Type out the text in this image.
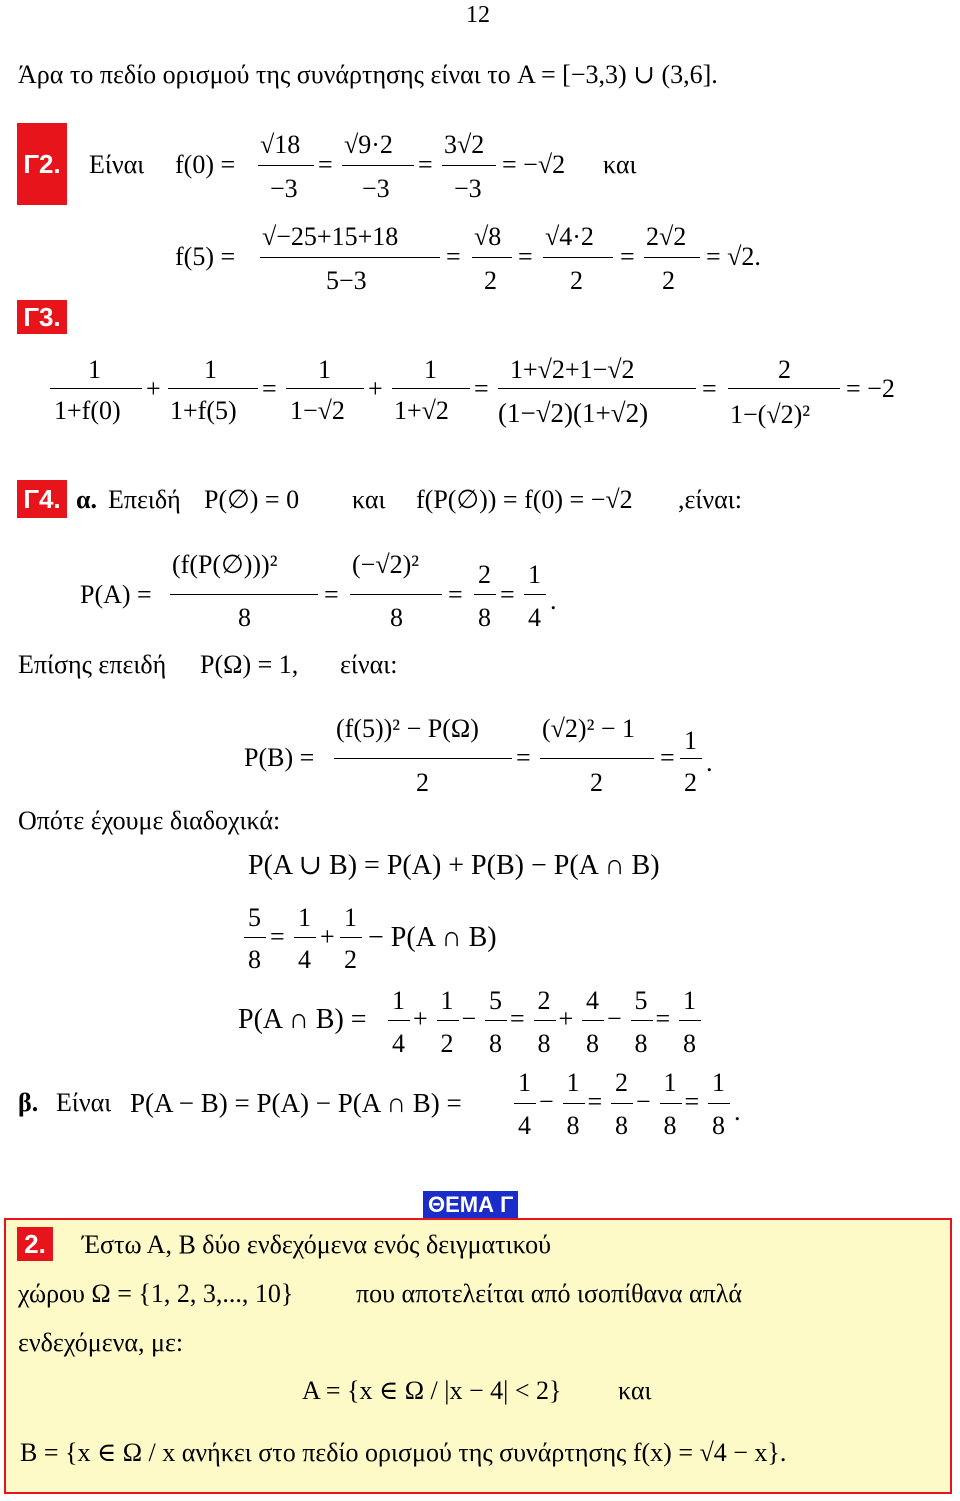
12
Άρα το πεδίο ορισμού της συνάρτησης είναι το A = [−3,3) ∪ (3,6].
Γ2. Είναι f(0) =
√18
−3
=
√9·2
−3
=
3√2
−3
= −√2 και
f(5) =
√−25+15+18
5−3
=
√8
2
=
√4·2
2
=
2√2
2
= √2.
Γ3.
1
1+f(0)
+
1
1+f(5)
=
1
1−√2
+
1
1+√2
=
1+√2+1−√2
(1−√2)(1+√2)
=
2
1−(√2)²
= −2
Γ4. α. Επειδή P(∅) = 0 και f(P(∅)) = f(0) = −√2 ,είναι:
P(A) =
(f(P(∅)))²
8
=
(−√2)²
8
=
2
8
=
1
4
.
Επίσης επειδή P(Ω) = 1, είναι:
P(B) =
(f(5))² − P(Ω)
2
=
(√2)² − 1
2
=
1
2
.
Οπότε έχουμε διαδοχικά:
P(A ∪ B) = P(A) + P(B) − P(A ∩ B)
5
8
=
1
4
+
1
2
− P(A ∩ B)
P(A ∩ B) =
β. Είναι P(A − B) = P(A) − P(A ∩ B) =
ΘΕΜΑ Γ
2. Έστω Α, Β δύο ενδεχόμενα ενός δειγματικού
χώρου Ω = {1, 2, 3,..., 10} που αποτελείται από ισοπίθανα απλά
ενδεχόμενα, με:
A = {x ∈ Ω / |x − 4| < 2} και
B = {x ∈ Ω / x ανήκει στο πεδίο ορισμού της συνάρτησης f(x) = √4 − x}.
1
4
+
1
2
−
5
8
=
2
8
+
4
8
−
5
8
=
1
8
1
4
−
1
8
=
2
8
−
1
8
=
1
8 .
